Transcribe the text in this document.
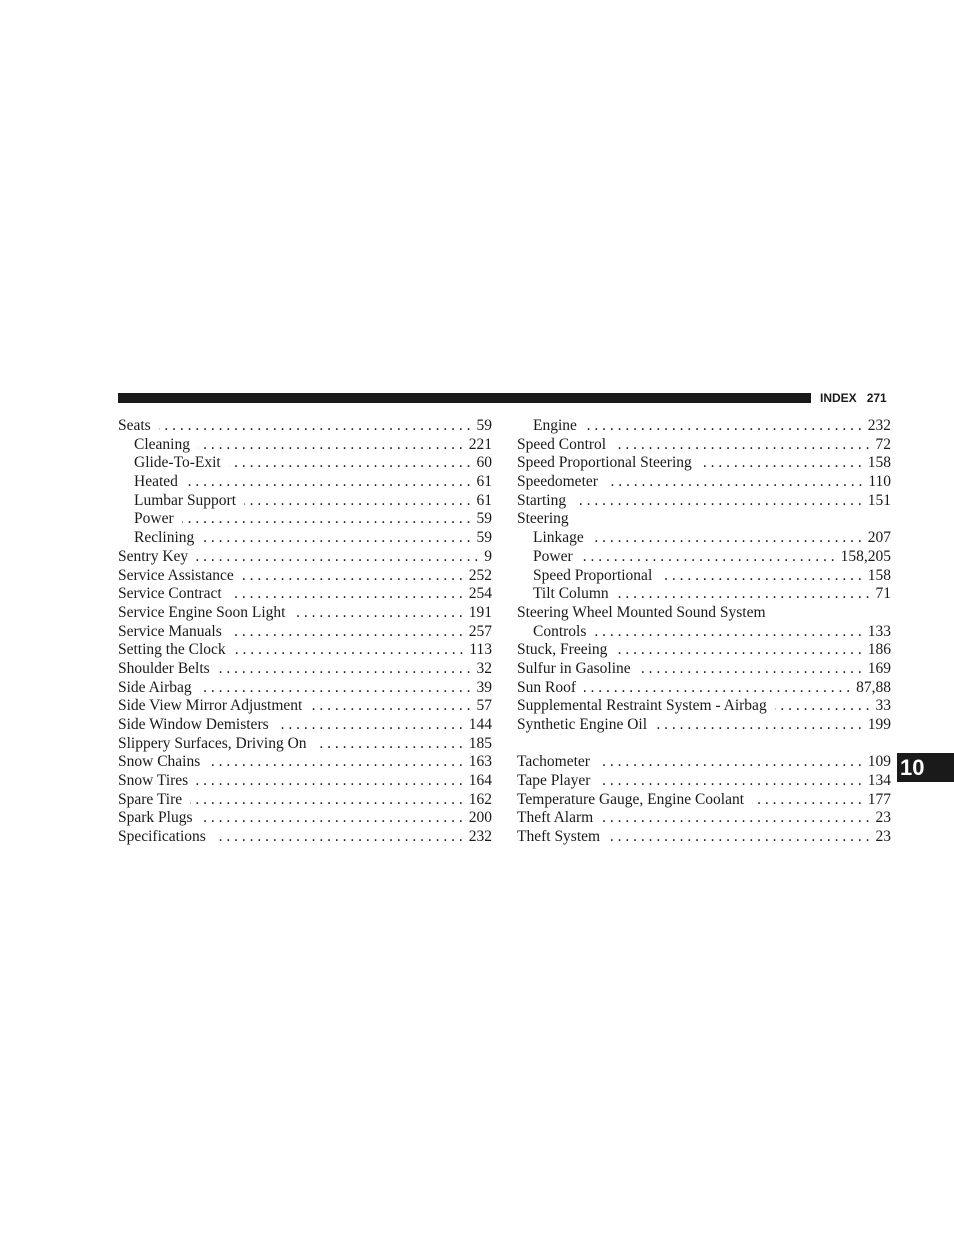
INDEX 271
Seats . . .	59
Cleaning . . .	221
Glide-To-Exit . . .	60
Heated . . .	61
Lumbar Support . . .	61
Power . . .	59
Reclining . . .	59
Sentry Key . . .	9
Service Assistance . . .	252
Service Contract . . .	254
Service Engine Soon Light . . .	191
Service Manuals . . .	257
Setting the Clock . . .	113
Shoulder Belts . . .	32
Side Airbag . . .	39
Side View Mirror Adjustment . . .	57
Side Window Demisters . . .	144
Slippery Surfaces, Driving On . . .	185
Snow Chains . . .	163
Snow Tires . . .	164
Spare Tire . . .	162
Spark Plugs . . .	200
Specifications . . .	232
Engine . . .	232
Speed Control . . .	72
Speed Proportional Steering . . .	158
Speedometer . . .	110
Starting . . .	151
Steering
Linkage . . .	207
Power . . .	158,205
Speed Proportional . . .	158
Tilt Column . . .	71
Steering Wheel Mounted Sound System
Controls . . .	133
Stuck, Freeing . . .	186
Sulfur in Gasoline . . .	169
Sun Roof . . .	87,88
Supplemental Restraint System - Airbag . . .	33
Synthetic Engine Oil . . .	199
Tachometer . . .	109
Tape Player . . .	134
Temperature Gauge, Engine Coolant . . .	177
Theft Alarm . . .	23
Theft System . . .	23
10
